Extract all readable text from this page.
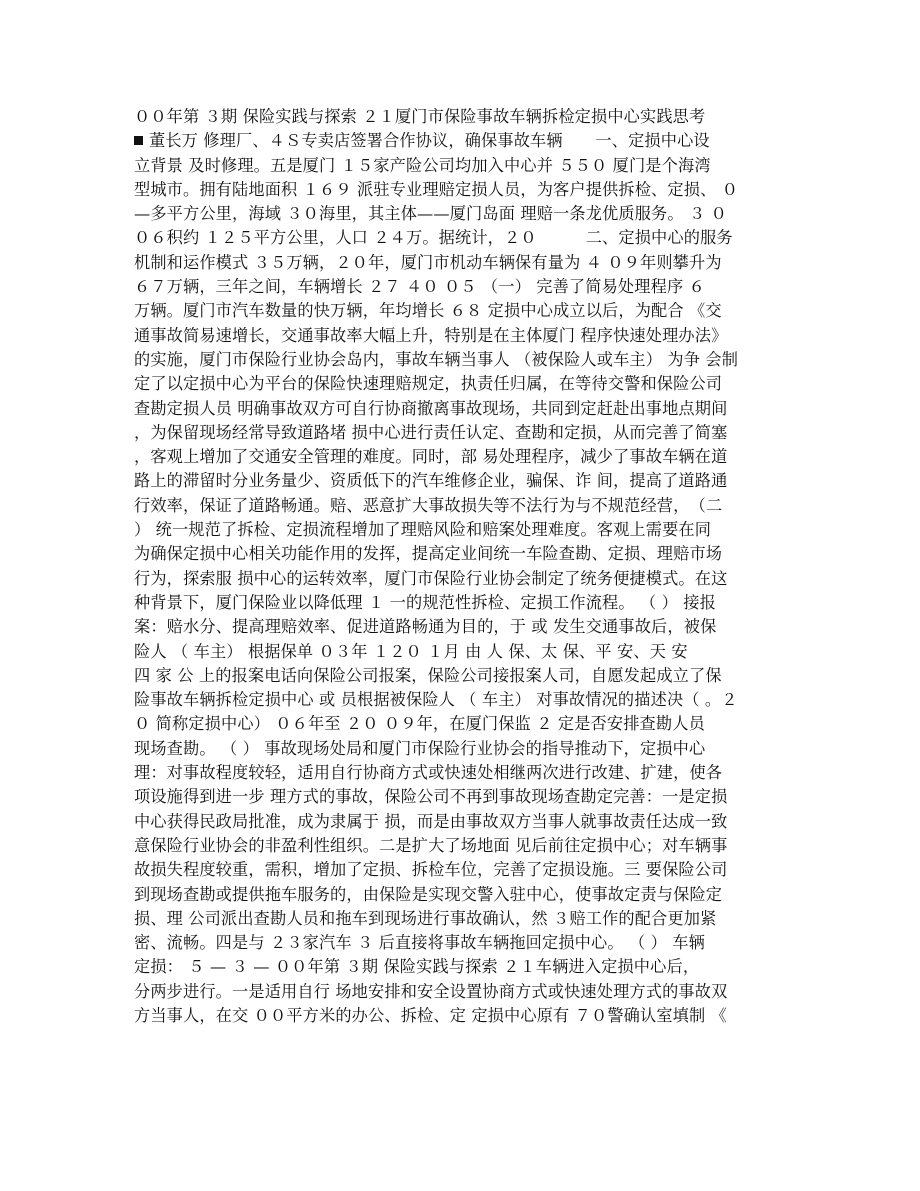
００年第 ３期 保险实践与探索 ２１厦门市保险事故车辆拆检定损中心实践思考
董长万 修理厂、４Ｓ专卖店签署合作协议，确保事故车辆　　一、定损中心设
立背景 及时修理。五是厦门 １５家产险公司均加入中心并 ５５０ 厦门是个海湾
型城市。拥有陆地面积 １６９ 派驻专业理赔定损人员，为客户提供拆检、定损、 ０
—多平方公里，海域 ３０海里，其主体——厦门岛面 理赔一条龙优质服务。 ３ ０
０６积约 １２５平方公里，人口 ２４万。据统计，２０　　　二、定损中心的服务
机制和运作模式 ３５万辆，２０年，厦门市机动车辆保有量为 ４ ０９年则攀升为
６７万辆，三年之间，车辆增长 ２７ ４０ ０５ （一） 完善了简易处理程序 ６
万辆。厦门市汽车数量的快万辆，年均增长 ６８ 定损中心成立以后，为配合 《交
通事故简易速增长，交通事故率大幅上升，特别是在主体厦门 程序快速处理办法》
的实施，厦门市保险行业协会岛内，事故车辆当事人 （被保险人或车主） 为争 会制
定了以定损中心为平台的保险快速理赔规定，执责任归属，在等待交警和保险公司
查勘定损人员 明确事故双方可自行协商撤离事故现场，共同到定赶赴出事地点期间
，为保留现场经常导致道路堵 损中心进行责任认定、查勘和定损，从而完善了简塞
，客观上增加了交通安全管理的难度。同时，部 易处理程序，减少了事故车辆在道
路上的滞留时分业务量少、资质低下的汽车维修企业，骗保、诈 间，提高了道路通
行效率，保证了道路畅通。赔、恶意扩大事故损失等不法行为与不规范经营，　（二
） 统一规范了拆检、定损流程增加了理赔风险和赔案处理难度。客观上需要在同
为确保定损中心相关功能作用的发挥，提高定业间统一车险查勘、定损、理赔市场
行为，探索服 损中心的运转效率，厦门市保险行业协会制定了统务便捷模式。在这
种背景下，厦门保险业以降低理 １ 一的规范性拆检、定损工作流程。 （ ） 接报
案：赔水分、提高理赔效率、促进道路畅通为目的，于 或 发生交通事故后，被保
险人 （ 车主） 根据保单 ０３年 １２０ １月 由 人 保、太 保、平 安、天 安
四 家 公 上的报案电话向保险公司报案，保险公司接报案人司，自愿发起成立了保
险事故车辆拆检定损中心 或 员根据被保险人 （ 车主） 对事故情况的描述决（ 。２
０ 简称定损中心） ０６年至 ２０ ０９年，在厦门保监 ２ 定是否安排查勘人员
现场查勘。 （ ） 事故现场处局和厦门市保险行业协会的指导推动下，定损中心
理：对事故程度较轻，适用自行协商方式或快速处相继两次进行改建、扩建，使各
项设施得到进一步 理方式的事故，保险公司不再到事故现场查勘定完善：一是定损
中心获得民政局批准，成为隶属于 损，而是由事故双方当事人就事故责任达成一致
意保险行业协会的非盈利性组织。二是扩大了场地面 见后前往定损中心；对车辆事
故损失程度较重，需积，增加了定损、拆检车位，完善了定损设施。三 要保险公司
到现场查勘或提供拖车服务的，由保险是实现交警入驻中心，使事故定责与保险定
损、理 公司派出查勘人员和拖车到现场进行事故确认，然 ３赔工作的配合更加紧
密、流畅。四是与 ２３家汽车 ３ 后直接将事故车辆拖回定损中心。 （ ） 车辆
定损： ５ — ３ — ００年第 ３期 保险实践与探索 ２１车辆进入定损中心后，
分两步进行。一是适用自行 场地安排和安全设置协商方式或快速处理方式的事故双
方当事人，在交 ００平方米的办公、拆检、定 定损中心原有 ７０警确认室填制 《
